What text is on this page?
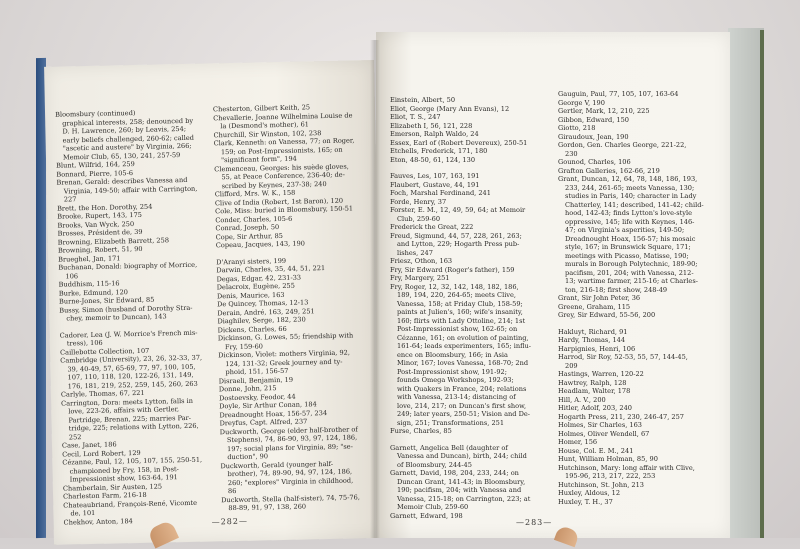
Bloomsbury (continued)
graphical interests, 258; denounced by
D. H. Lawrence, 260; by Leavis, 254;
early beliefs challenged, 260-62; called
"ascetic and austere" by Virginia, 266;
Memoir Club, 65, 130, 241, 257-59
Blunt, Wilfrid, 164, 259
Bonnard, Pierre, 105-6
Brenan, Gerald: describes Vanessa and
Virginia, 149-50; affair with Carrington,
227
Brett, the Hon. Dorothy, 254
Brooke, Rupert, 143, 175
Brooks, Van Wyck, 250
Brosses, Président de, 39
Browning, Elizabeth Barrett, 258
Browning, Robert, 51, 90
Brueghel, Jan, 171
Buchanan, Donald: biography of Morrice,
106
Buddhism, 115-16
Burke, Edmund, 120
Burne-Jones, Sir Edward, 85
Bussy, Simon (husband of Dorothy Stra-
chey, memoir to Duncan), 143
Cadorer, Lea (J. W. Morrice's French mis-
tress), 106
Caillebotte Collection, 107
Cambridge (University), 23, 26, 32-33, 37,
39, 40-49, 57, 65-69, 77, 97, 100, 105,
107, 110, 118, 120, 122-26, 131, 149,
176, 181, 219, 252, 259, 145, 260, 263
Carlyle, Thomas, 67, 221
Carrington, Dora: meets Lytton, falls in
love, 223-26, affairs with Gertler,
Partridge, Brenan, 225; marries Par-
tridge, 225; relations with Lytton, 226,
252
Case, Janet, 186
Cecil, Lord Robert, 129
Cézanne, Paul, 12, 105, 107, 155, 250-51,
championed by Fry, 158, in Post-
Impressionist show, 163-64, 191
Chamberlain, Sir Austen, 125
Charleston Farm, 216-18
Chateaubriand, François-René, Vicomte
de, 101
Chekhov, Anton, 184
Chesterton, Gilbert Keith, 25
Chevallerie, Joanne Wilhelmina Louise de
la (Desmond's mother), 61
Churchill, Sir Winston, 102, 238
Clark, Kenneth: on Vanessa, 77; on Roger,
159; on Post-Impressionists, 165; on
"significant form", 194
Clemenceau, Georges: his suède gloves,
55, at Peace Conference, 236-40; de-
scribed by Keynes, 237-38; 240
Clifford, Mrs. W. K., 158
Clive of India (Robert, 1st Baron), 120
Cole, Miss: buried in Bloomsbury, 150-51
Conder, Charles, 105-6
Conrad, Joseph, 50
Cope, Sir Arthur, 85
Copeau, Jacques, 143, 190
D'Aranyi sisters, 199
Darwin, Charles, 35, 44, 51, 221
Degas, Edgar, 42, 231-33
Delacroix, Eugène, 255
Denis, Maurice, 163
De Quincey, Thomas, 12-13
Derain, André, 163, 249, 251
Diaghilev, Serge, 182, 230
Dickens, Charles, 66
Dickinson, G. Lowes, 55; friendship with
Fry, 159-60
Dickinson, Violet: mothers Virginia, 92,
124, 131-32; Greek journey and ty-
phoid, 151, 156-57
Disraeli, Benjamin, 19
Donne, John, 215
Dostoevsky, Feodor, 44
Doyle, Sir Arthur Conan, 184
Dreadnought Hoax, 156-57, 234
Dreyfus, Capt. Alfred, 237
Duckworth, George (elder half-brother of
Stephens), 74, 86-90, 93, 97, 124, 186,
197; social plans for Virginia, 89; "se-
duction", 90
Duckworth, Gerald (younger half-
brother), 74, 89-90, 94, 97, 124, 186,
260; "explores" Virginia in childhood,
86
Duckworth, Stella (half-sister), 74, 75-76,
88-89, 91, 97, 138, 260
—282—
Einstein, Albert, 50
Eliot, George (Mary Ann Evans), 12
Eliot, T. S., 247
Elizabeth I, 56, 121, 228
Emerson, Ralph Waldo, 24
Essex, Earl of (Robert Devereux), 250-51
Etchells, Frederick, 171, 180
Eton, 48-50, 61, 124, 130
Fauves, Les, 107, 163, 191
Flaubert, Gustave, 44, 191
Foch, Marshal Ferdinand, 241
Forde, Henry, 37
Forster, E. M., 12, 49, 59, 64; at Memoir
Club, 259-60
Frederick the Great, 222
Freud, Sigmund, 44, 57, 228, 261, 263;
and Lytton, 229; Hogarth Press pub-
lishes, 247
Friesz, Othon, 163
Fry, Sir Edward (Roger's father), 159
Fry, Margery, 251
Fry, Roger, 12, 32, 142, 148, 182, 186,
189, 194, 220, 264-65; meets Clive,
Vanessa, 158; at Friday Club, 158-59;
paints at Julien's, 160; wife's insanity,
160; flirts with Lady Ottoline, 214; 1st
Post-Impressionist show, 162-65; on
Cézanne, 161; on evolution of painting,
161-64; leads experimenters, 165; influ-
ence on Bloomsbury, 166; in Asia
Minor, 167; loves Vanessa, 168-70; 2nd
Post-Impressionist show, 191-92;
founds Omega Workshops, 192-93;
with Quakers in France, 204; relations
with Vanessa, 213-14; distancing of
love, 214, 217; on Duncan's first show,
249; later years, 250-51; Vision and De-
sign, 251; Transformations, 251
Furse, Charles, 85
Garnett, Angelica Bell (daughter of
Vanessa and Duncan), birth, 244; child
of Bloomsbury, 244-45
Garnett, David, 198, 204, 233, 244; on
Duncan Grant, 141-43; in Bloomsbury,
190; pacifism, 204; with Vanessa and
Vanessa, 215-18; on Carrington, 223; at
Memoir Club, 259-60
Garnett, Edward, 198
Gauguin, Paul, 77, 105, 107, 163-64
George V, 190
Gertler, Mark, 12, 210, 225
Gibbon, Edward, 150
Giotto, 218
Giraudoux, Jean, 190
Gordon, Gen. Charles George, 221-22,
230
Gounod, Charles, 106
Grafton Galleries, 162-66, 219
Grant, Duncan, 12, 64, 78, 148, 186, 193,
233, 244, 261-65; meets Vanessa, 130;
studies in Paris, 140; character in Lady
Chatterley, 141; described, 141-42; child-
hood, 142-43; finds Lytton's love-style
oppressive, 145; life with Keynes, 146-
47; on Virginia's asperities, 149-50;
Dreadnought Hoax, 156-57; his mosaic
style, 167; in Brunswick Square, 171;
meetings with Picasso, Matisse, 190;
murals in Borough Polytechnic, 189-90;
pacifism, 201, 204; with Vanessa, 212-
13; wartime farmer, 215-16; at Charles-
ton, 216-18; first show, 248-49
Grant, Sir John Peter, 36
Greene, Graham, 115
Grey, Sir Edward, 55-56, 200
Hakluyt, Richard, 91
Hardy, Thomas, 144
Harpignies, Henri, 106
Harrod, Sir Roy, 52-53, 55, 57, 144-45,
209
Hastings, Warren, 120-22
Hawtrey, Ralph, 128
Headlam, Walter, 178
Hill, A. V., 200
Hitler, Adolf, 203, 240
Hogarth Press, 211, 230, 246-47, 257
Holmes, Sir Charles, 163
Holmes, Oliver Wendell, 67
Homer, 156
House, Col. E. M., 241
Hunt, William Holman, 85, 90
Hutchinson, Mary: long affair with Clive,
195-96, 213, 217, 222, 253
Hutchinson, St. John, 213
Huxley, Aldous, 12
Huxley, T. H., 37
—283—
